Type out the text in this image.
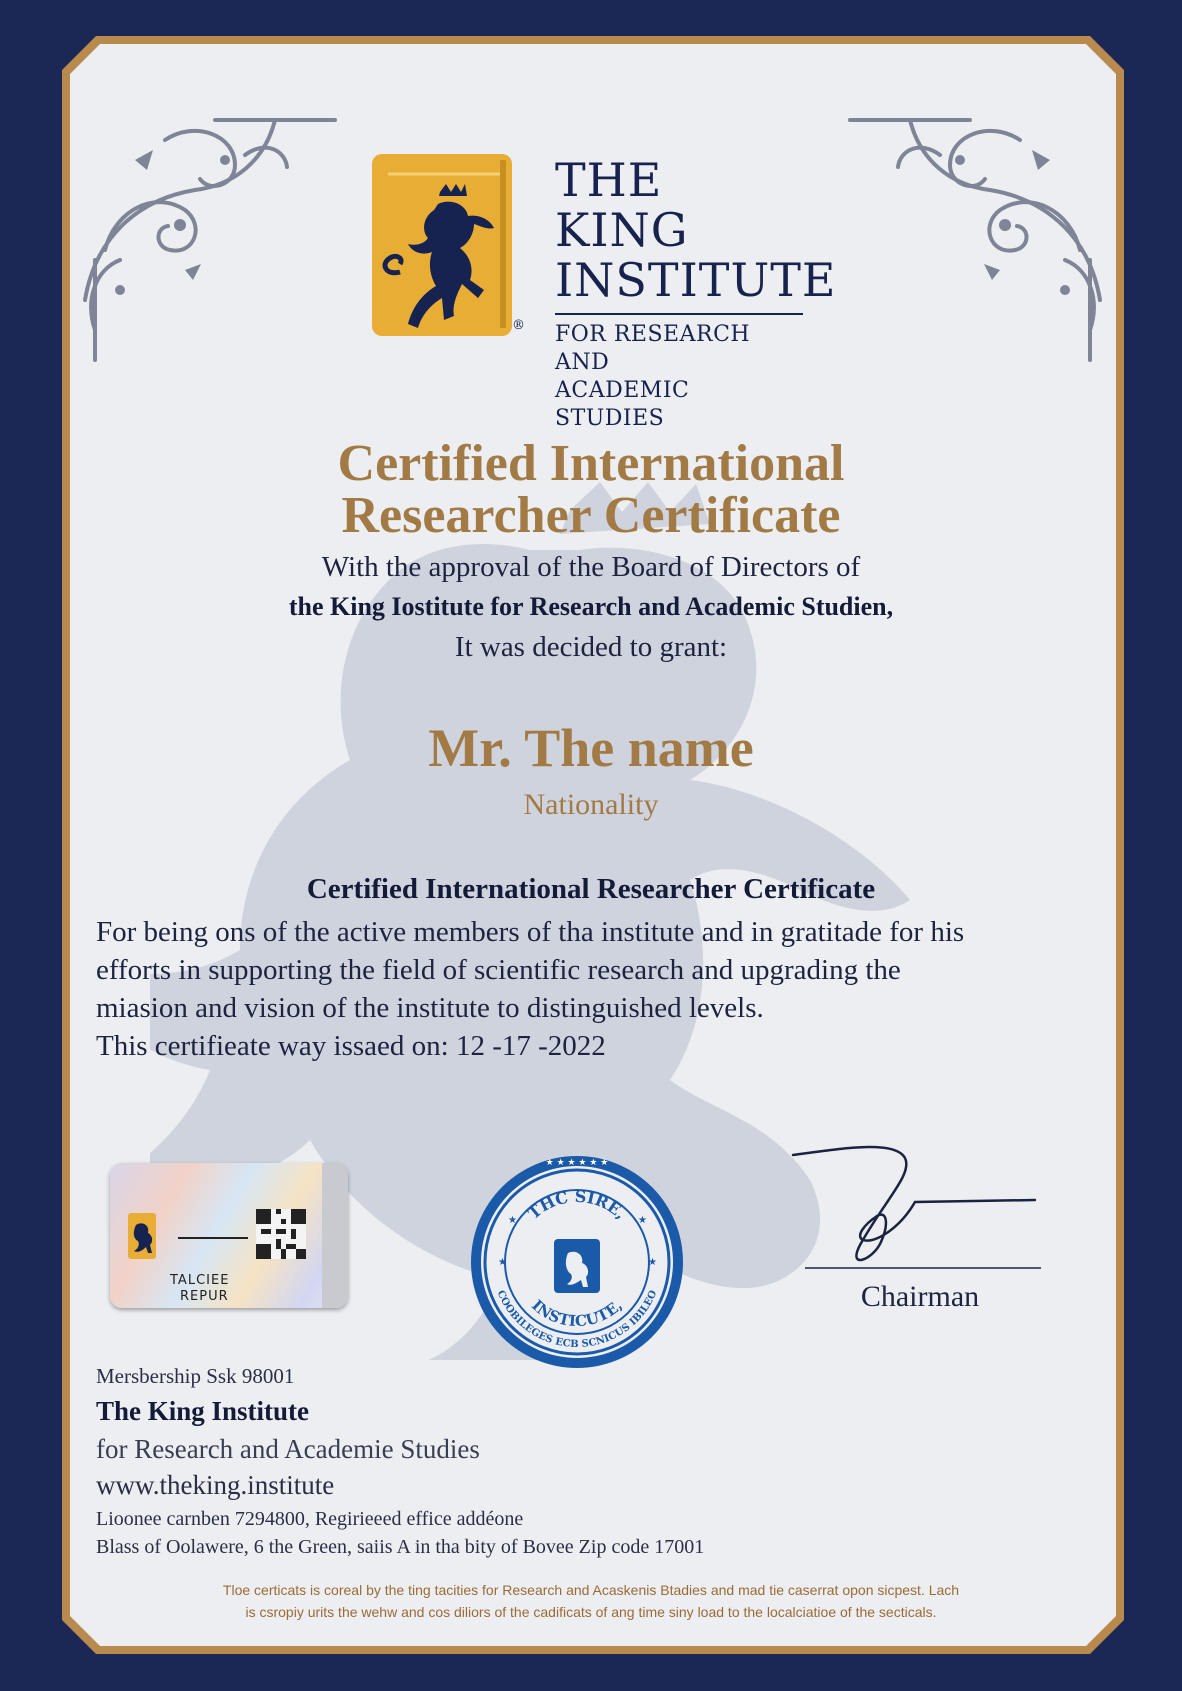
®
THE KING
INSTITUTE
FOR RESEARCH AND
ACADEMIC STUDIES
Certified International
Researcher Certificate
With the approval of the Board of Directors of
the King Iostitute for Research and Academic Studien,
It was decided to grant:
Mr. The name
Nationality
Certified International Researcher Certificate
For being ons of the active members of tha institute and in gratitade for his
efforts in supporting the field of scientific research and upgrading the
miasion and vision of the institute to distinguished levels.
This certifieate way issaed on: 12 -17 -2022
TALCIEE
REPUR
★ ★ ★ ★ ★ ★
★	★
★	★
THC SIRE,
INSTICUTE,
COOBILEGES ECB SCNICUS IBILEO	Chairman
Mersbership Ssk 98001
The King Institute
for Research and Academie Studies
www.theking.institute
Lioonee carnben 7294800, Regirieeed effice addéone
Blass of Oolawere, 6 the Green, saiis A in tha bity of Bovee Zip code 17001
Tloe certicats is coreal by the ting tacities for Research and Acaskenis Btadies and mad tie caserrat opon sicpest. Lach
is csropiy urits the wehw and cos diliors of the cadificats of ang time siny load to the localciatioe of the secticals.
